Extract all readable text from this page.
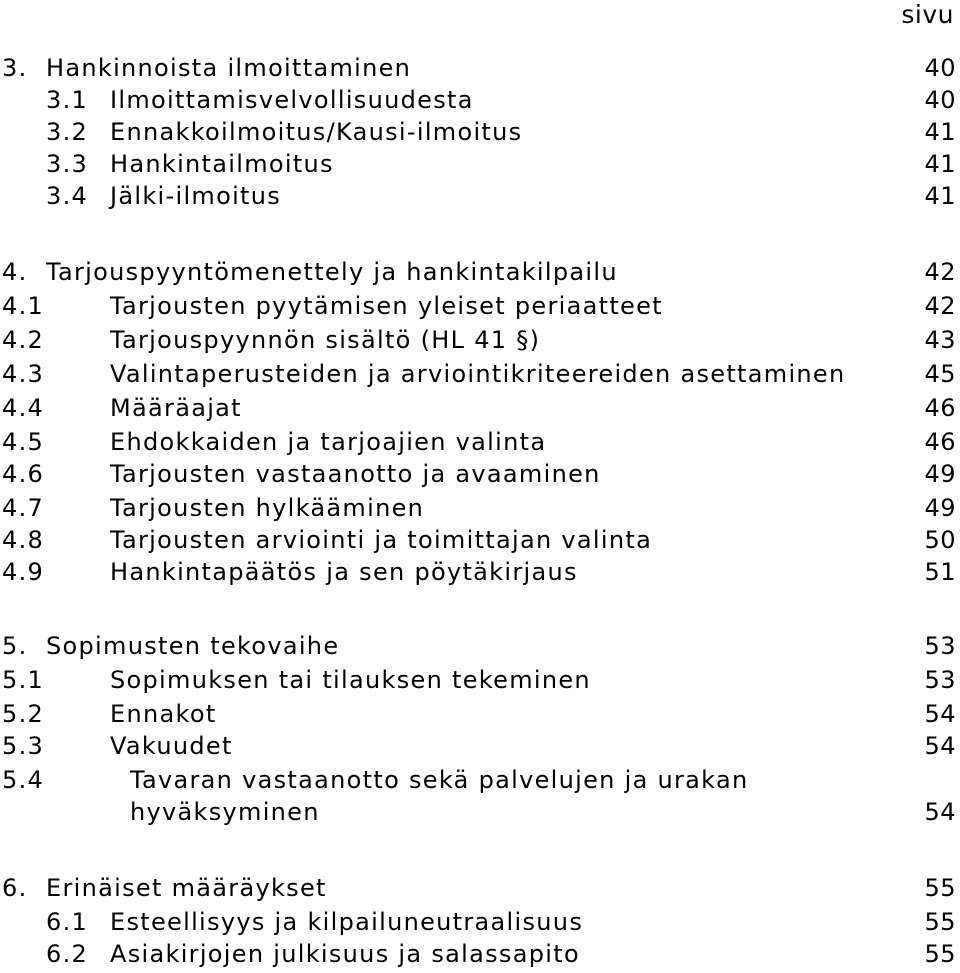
sivu
3. Hankinnoista ilmoittaminen	40
3.1 Ilmoittamisvelvollisuudesta	40
3.2 Ennakkoilmoitus/Kausi-ilmoitus	41
3.3 Hankintailmoitus	41
3.4 Jälki-ilmoitus	41
4. Tarjouspyyntömenettely ja hankintakilpailu	42
4.1	Tarjousten pyytämisen yleiset periaatteet	42
4.2	Tarjouspyynnön sisältö (HL 41 §)	43
4.3	Valintaperusteiden ja arviointikriteereiden asettaminen	45
4.4	Määräajat	46
4.5	Ehdokkaiden ja tarjoajien valinta	46
4.6	Tarjousten vastaanotto ja avaaminen	49
4.7	Tarjousten hylkääminen	49
4.8	Tarjousten arviointi ja toimittajan valinta	50
4.9	Hankintapäätös ja sen pöytäkirjaus	51
5. Sopimusten tekovaihe	53
5.1	Sopimuksen tai tilauksen tekeminen	53
5.2	Ennakot	54
5.3	Vakuudet	54
5.4	Tavaran vastaanotto sekä palvelujen ja urakan
hyväksyminen	54
6. Erinäiset määräykset	55
6.1 Esteellisyys ja kilpailuneutraalisuus	55
6.2 Asiakirjojen julkisuus ja salassapito	55
